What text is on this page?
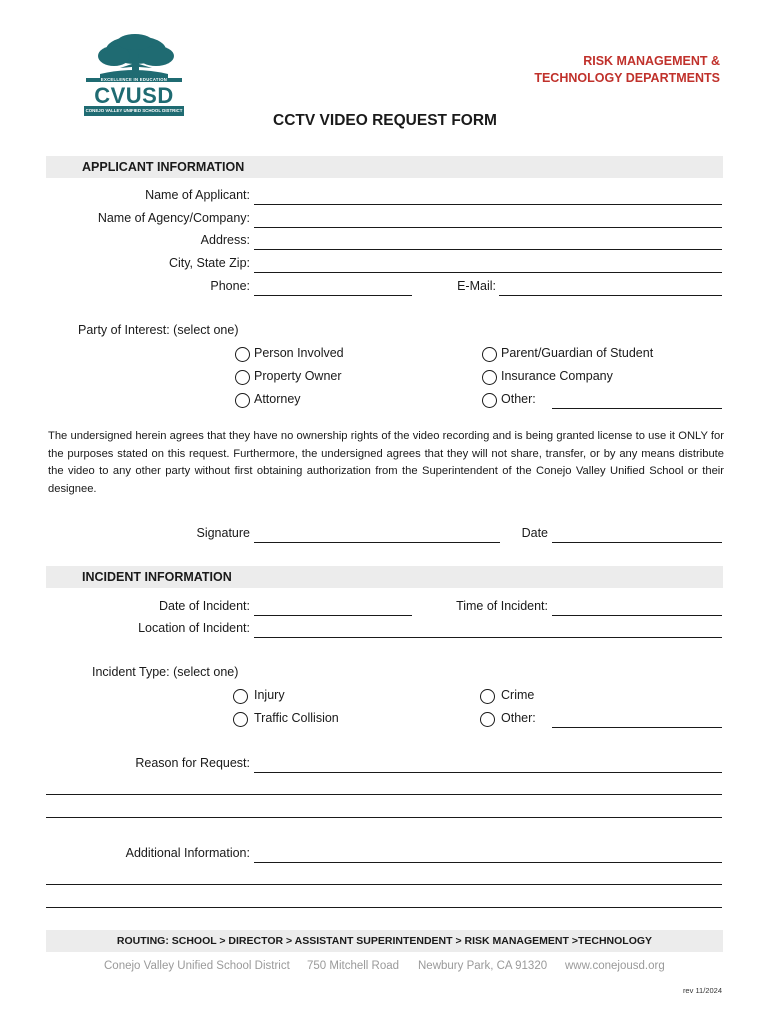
EXCELLENCE IN EDUCATION
CVUSD
CONEJO VALLEY UNIFIED SCHOOL DISTRICT
RISK MANAGEMENT &
TECHNOLOGY DEPARTMENTS
CCTV VIDEO REQUEST FORM
APPLICANT INFORMATION
Name of Applicant:
Name of Agency/Company:
Address:
City, State Zip:
Phone:	E-Mail:
Party of Interest: (select one)
Person Involved
Property Owner
Attorney
Parent/Guardian of Student
Insurance Company
Other:
The undersigned herein agrees that they have no ownership rights of the video recording and is being granted license to use it ONLY for the purposes stated on this request. Furthermore, the undersigned agrees that they will not share, transfer, or by any means distribute the video to any other party without first obtaining authorization from the Superintendent of the Conejo Valley Unified School or their designee.
Signature	Date
INCIDENT INFORMATION
Date of Incident:	Time of Incident:
Location of Incident:
Incident Type: (select one)
Injury
Traffic Collision
Crime
Other:
Reason for Request:
Additional Information:
ROUTING: SCHOOL > DIRECTOR > ASSISTANT SUPERINTENDENT > RISK MANAGEMENT >TECHNOLOGY
Conejo Valley Unified School District 750 Mitchell Road Newbury Park, CA 91320 www.conejousd.org
rev 11/2024
